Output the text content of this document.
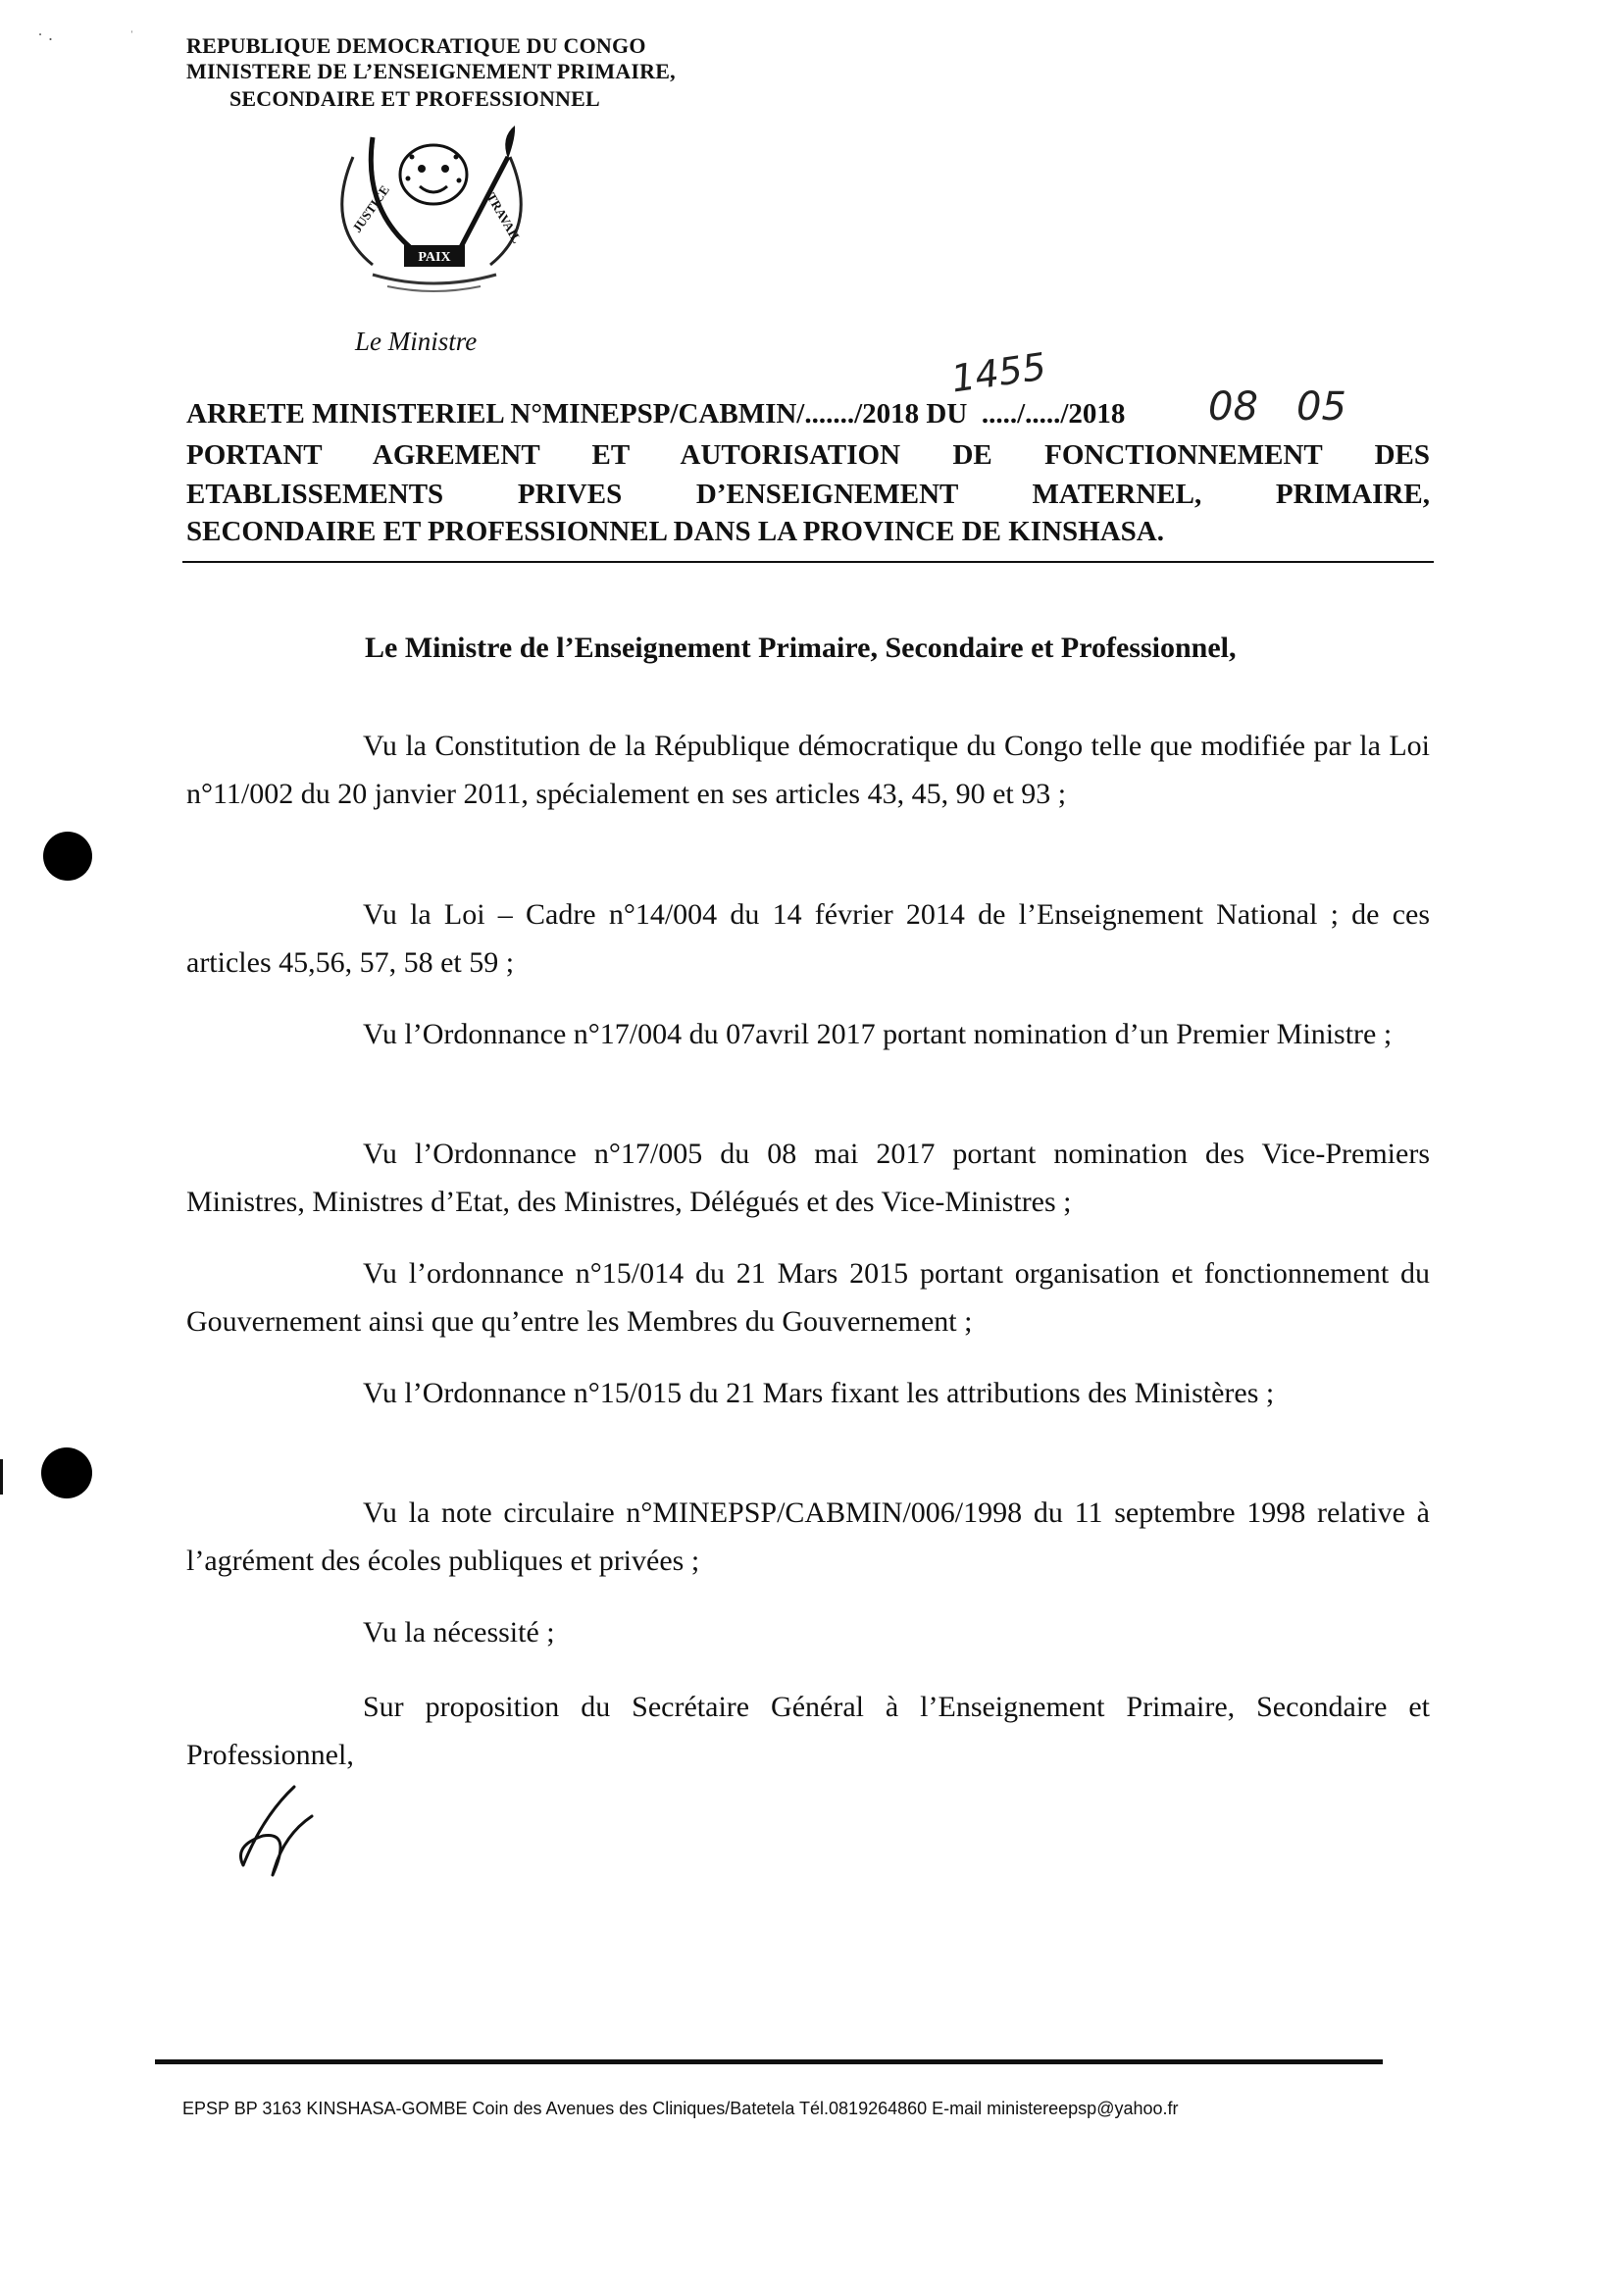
˙ ·	ˈ REPUBLIQUE DEMOCRATIQUE DU CONGO
MINISTERE DE L’ENSEIGNEMENT PRIMAIRE,
SECONDAIRE ET PROFESSIONNEL
JUSTICE	TRAVAIL
PAIX
Le Ministre
ARRETE MINISTERIEL N°MINEPSP/CABMIN/......./2018 DU ...../...../2018
1455
08 05
PORTANT AGREMENT ET AUTORISATION DE FONCTIONNEMENT DES
ETABLISSEMENTS PRIVES D’ENSEIGNEMENT MATERNEL, PRIMAIRE,
SECONDAIRE ET PROFESSIONNEL DANS LA PROVINCE DE KINSHASA.
Le Ministre de l’Enseignement Primaire, Secondaire et Professionnel,
Vu la Constitution de la République démocratique du Congo telle que modifiée par la Loi n°11/002 du 20 janvier 2011, spécialement en ses articles 43, 45, 90 et 93 ;
Vu la Loi – Cadre n°14/004 du 14 février 2014 de l’Enseignement National ; de ces articles 45,56, 57, 58 et 59 ;
Vu l’Ordonnance n°17/004 du 07avril 2017 portant nomination d’un Premier Ministre ;
Vu l’Ordonnance n°17/005 du 08 mai 2017 portant nomination des Vice-Premiers Ministres, Ministres d’Etat, des Ministres, Délégués et des Vice-Ministres ;
Vu l’ordonnance n°15/014 du 21 Mars 2015 portant organisation et fonctionnement du Gouvernement ainsi que qu’entre les Membres du Gouvernement ;
Vu l’Ordonnance n°15/015 du 21 Mars fixant les attributions des Ministères ;
Vu la note circulaire n°MINEPSP/CABMIN/006/1998 du 11 septembre 1998 relative à l’agrément des écoles publiques et privées ;
Vu la nécessité ;
Sur proposition du Secrétaire Général à l’Enseignement Primaire, Secondaire et Professionnel,
EPSP BP 3163 KINSHASA-GOMBE Coin des Avenues des Cliniques/Batetela Tél.0819264860 E-mail ministereepsp@yahoo.fr
